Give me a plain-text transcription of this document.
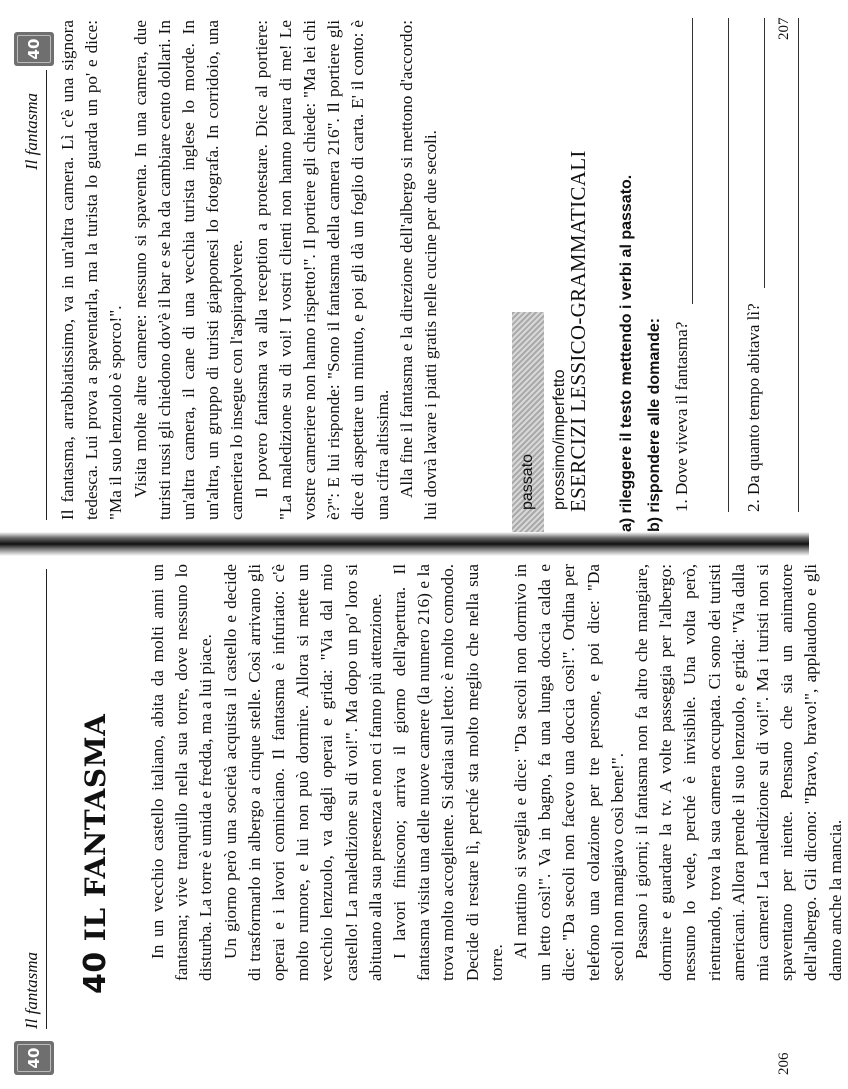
40
Il fantasma 40IL FANTASMA In un vecchio castello italiano, abita da molti anni un fantasma; vive tranquillo nella sua torre, dove nessuno lo disturba. La torre è umida e fredda, ma a lui piace. Un giorno però una società acquista il castello e decide di trasformarlo in albergo a cinque stelle. Così arrivano gli operai e i lavori cominciano. Il fantasma è infuriato: c'è molto rumore, e lui non può dormire. Allora si mette un vecchio lenzuolo, va dagli operai e grida: "Via dal mio castello! La maledizione su di voi!". Ma dopo un po' loro si abituano alla sua presenza e non ci fanno più attenzione. I lavori finiscono; arriva il giorno dell'apertura. Il fantasma visita una delle nuove camere (la numero 216) e la trova molto accogliente. Si sdraia sul letto: è molto comodo. Decide di restare lì, perché sta molto meglio che nella sua torre.

Al mattino si sveglia e dice: "Da secoli non dormivo in un letto così!". Va in bagno, fa una lunga doccia calda e dice: "Da secoli non facevo una doccia così!". Ordina per telefono una colazione per tre persone, e poi dice: "Da secoli non mangiavo così bene!". Passano i giorni; il fantasma non fa altro che mangiare, dormire e guardare la tv. A volte passeggia per l'albergo: nessuno lo vede, perché è invisibile. Una volta però, rientrando, trova la sua camera occupata. Ci sono dei turisti americani. Allora prende il suo lenzuolo, e grida: "Via dalla mia camera! La maledizione su di voi!". Ma i turisti non si spaventano per niente. Pensano che sia un animatore dell'albergo. Gli dicono: "Bravo, bravo!", applaudono e gli danno anche la mancia.

206
Il fantasma
40 Il fantasma, arrabbiatissimo, va in un'altra camera. Lì c'è una signora tedesca. Lui prova a spaventarla, ma la turista lo guarda un po' e dice: "Ma il suo lenzuolo è sporco!". Visita molte altre camere: nessuno si spaventa. In una camera, due turisti russi gli chiedono dov'è il bar e se ha da cambiare cento dollari. In un'altra camera, il cane di una vecchia turista inglese lo morde. In un'altra, un gruppo di turisti giapponesi lo fotografa. In corridoio, una cameriera lo insegue con l'aspirapolvere. Il povero fantasma va alla reception a protestare. Dice al portiere: "La maledizione su di voi! I vostri clienti non hanno paura di me! Le vostre cameriere non hanno rispetto!". Il portiere gli chiede: "Ma lei chi è?": E lui risponde: "Sono il fantasma della camera 216". Il portiere gli dice di aspettare un minuto, e poi gli dà un foglio di carta. E' il conto: è una cifra altissima. Alla fine il fantasma e la direzione dell'albergo si mettono d'accordo: lui dovrà lavare i piatti gratis nelle cucine per due secoli.	passato prossimo/imperfetto
ESERCIZI LESSICO-GRAMMATICALI
a) rileggere il testo mettendo i verbi al passato.
b) rispondere alle domande: 1. Dove viveva il fantasma?	2. Da quanto tempo abitava lì?
207
